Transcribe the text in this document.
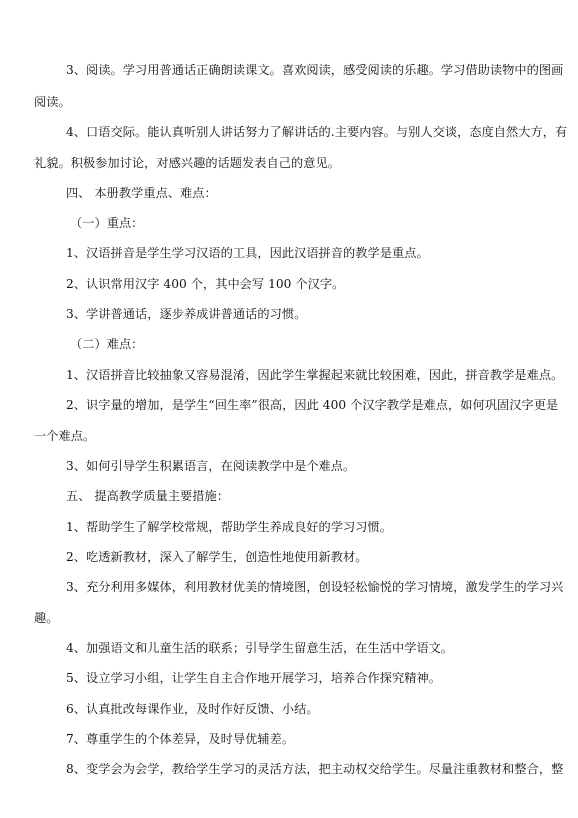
3、阅读。学习用普通话正确朗读课文。喜欢阅读，感受阅读的乐趣。学习借助读物中的图画
阅读。
4、口语交际。能认真听别人讲话努力了解讲话的.主要内容。与别人交谈，态度自然大方，有
礼貌。积极参加讨论，对感兴趣的话题发表自己的意见。
四、 本册教学重点、难点：
（一）重点：
1、汉语拼音是学生学习汉语的工具，因此汉语拼音的教学是重点。
2、认识常用汉字 400 个，其中会写 100 个汉字。
3、学讲普通话，逐步养成讲普通话的习惯。
（二）难点：
1、汉语拼音比较抽象又容易混淆，因此学生掌握起来就比较困难，因此，拼音教学是难点。
2、识字量的增加，是学生“回生率”很高，因此 400 个汉字教学是难点，如何巩固汉字更是
一个难点。
3、如何引导学生积累语言，在阅读教学中是个难点。
五、 提高教学质量主要措施：
1、帮助学生了解学校常规，帮助学生养成良好的学习习惯。
2、吃透新教材，深入了解学生，创造性地使用新教材。
3、充分利用多媒体，利用教材优美的情境图，创设轻松愉悦的学习情境，激发学生的学习兴
趣。
4、加强语文和儿童生活的联系；引导学生留意生活，在生活中学语文。
5、设立学习小组，让学生自主合作地开展学习，培养合作探究精神。
6、认真批改每课作业，及时作好反馈、小结。
7、尊重学生的个体差异，及时导优辅差。
8、变学会为会学，教给学生学习的灵活方法，把主动权交给学生。尽量注重教材和整合，整
